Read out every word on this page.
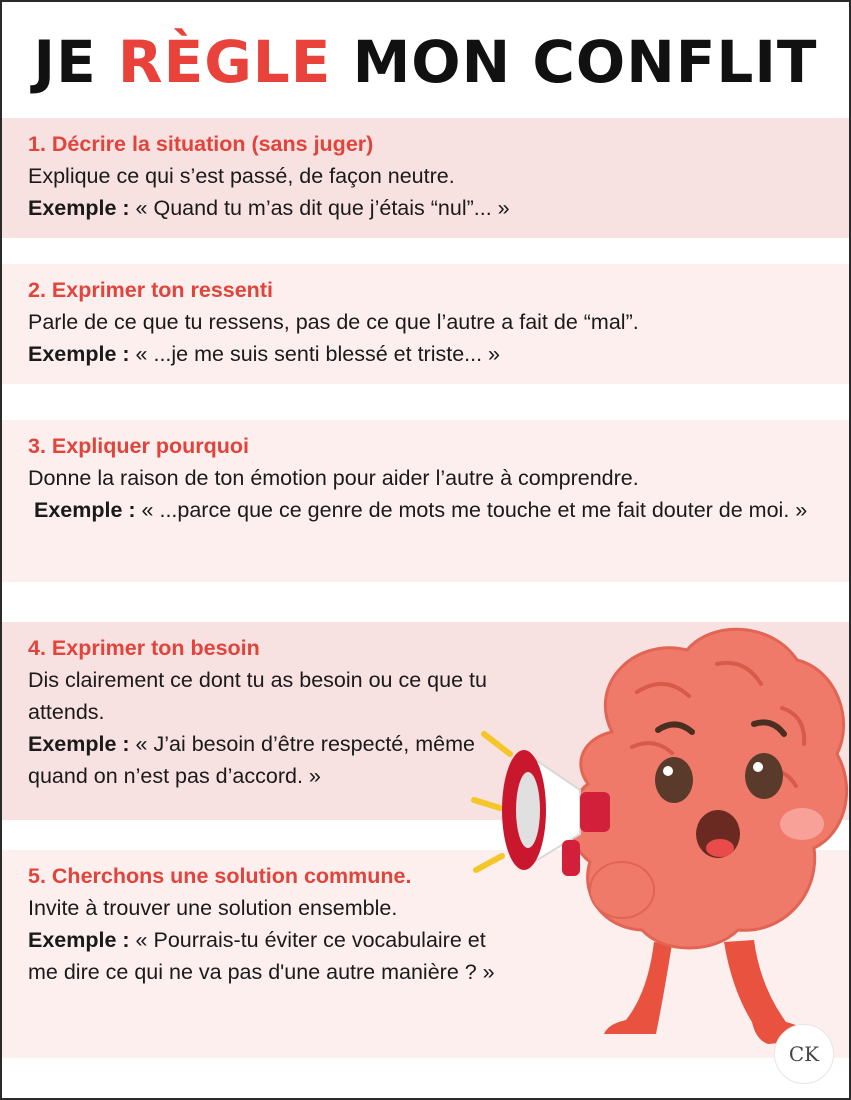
JE RÈGLE MON CONFLIT
1. Décrire la situation (sans juger)
Explique ce qui s’est passé, de façon neutre.
Exemple : « Quand tu m’as dit que j’étais “nul”... »
2. Exprimer ton ressenti
Parle de ce que tu ressens, pas de ce que l’autre a fait de “mal”.
Exemple : « ...je me suis senti blessé et triste... »
3. Expliquer pourquoi
Donne la raison de ton émotion pour aider l’autre à comprendre.
Exemple : « ...parce que ce genre de mots me touche et me fait douter de moi. »
4. Exprimer ton besoin
Dis clairement ce dont tu as besoin ou ce que tu attends.
Exemple : « J’ai besoin d’être respecté, même quand on n’est pas d’accord. »
5. Cherchons une solution commune.
Invite à trouver une solution ensemble.
Exemple : « Pourrais-tu éviter ce vocabulaire et me dire ce qui ne va pas d'une autre manière ? »
CK
